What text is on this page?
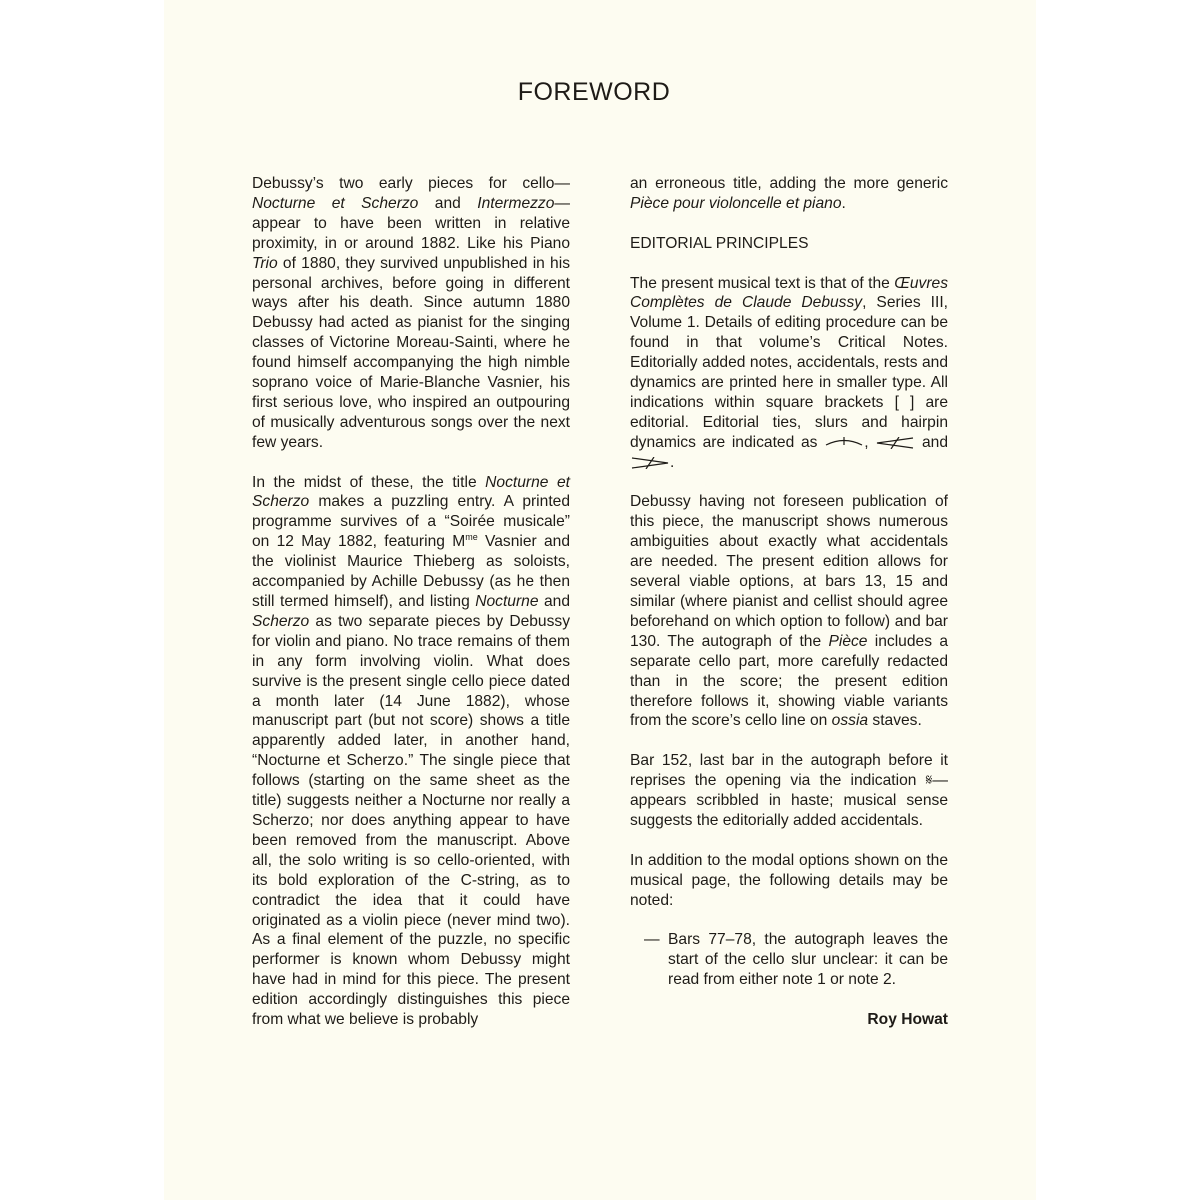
FOREWORD

Debussy’s two early pieces for cello—Nocturne et Scherzo and Intermezzo—appear to have been written in relative proximity, in or around 1882. Like his Piano Trio of 1880, they survived unpublished in his personal archives, before going in different ways after his death. Since autumn 1880 Debussy had acted as pianist for the singing classes of Victorine Moreau-Sainti, where he found himself accompanying the high nimble soprano voice of Marie-Blanche Vasnier, his first serious love, who inspired an outpouring of musically adventurous songs over the next few years.

In the midst of these, the title Nocturne et Scherzo makes a puzzling entry. A printed programme survives of a “Soirée musicale” on 12 May 1882, featuring $M^{me}$ Vasnier and the violinist Maurice Thieberg as soloists, accompanied by Achille Debussy (as he then still termed himself), and listing Nocturne and Scherzo as two separate pieces by Debussy for violin and piano. No trace remains of them in any form involving violin. What does survive is the present single cello piece dated a month later (14 June 1882), whose manuscript part (but not score) shows a title apparently added later, in another hand, “Nocturne et Scherzo.” The single piece that follows (starting on the same sheet as the title) suggests neither a Nocturne nor really a Scherzo; nor does anything appear to have been removed from the manuscript. Above all, the solo writing is so cello-oriented, with its bold exploration of the C-string, as to contradict the idea that it could have originated as a violin piece (never mind two). As a final element of the puzzle, no specific performer is known whom Debussy might have had in mind for this piece. The present edition accordingly distinguishes this piece from what we believe is probably

an erroneous title, adding the more generic Pièce pour violoncelle et piano.

EDITORIAL PRINCIPLES

The present musical text is that of the Œuvres Complètes de Claude Debussy, Series III, Volume 1. Details of editing procedure can be found in that volume’s Critical Notes. Editorially added notes, accidentals, rests and dynamics are printed here in smaller type. All indications within square brackets [ ] are editorial. Editorial ties, slurs and hairpin dynamics are indicated as	,	and .

Debussy having not foreseen publication of this piece, the manuscript shows numerous ambiguities about exactly what accidentals are needed. The present edition allows for several viable options, at bars 13, 15 and similar (where pianist and cellist should agree beforehand on which option to follow) and bar 130. The autograph of the Pièce includes a separate cello part, more carefully redacted than in the score; the present edition therefore follows it, showing viable variants from the score’s cello line on ossia staves.

Bar 152, last bar in the autograph before it reprises the opening via the indication 𝄋—appears scribbled in haste; musical sense suggests the editorially added accidentals.

In addition to the modal options shown on the musical page, the following details may be noted:

— Bars 77–78, the autograph leaves the start of the cello slur unclear: it can be read from either note 1 or note 2.

Roy Howat
